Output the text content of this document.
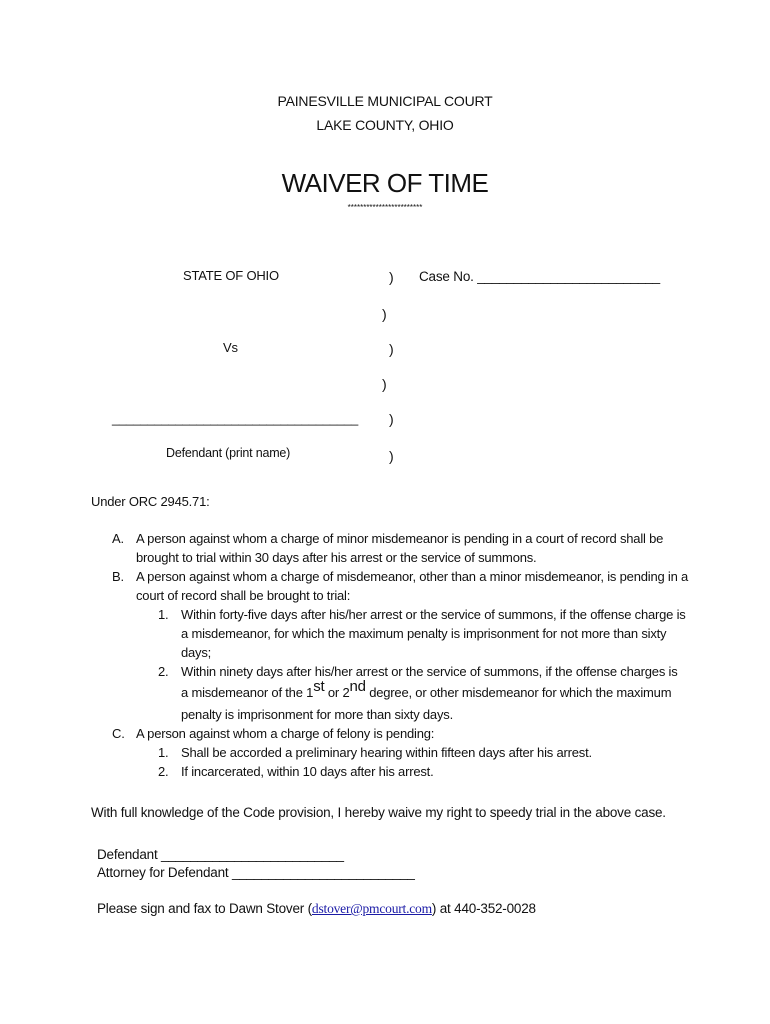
PAINESVILLE MUNICIPAL COURT
LAKE COUNTY, OHIO
WAIVER OF TIME
************************
STATE OF OHIO	) Case No. _________________________
)
Vs	)
)
___________________________________ )
Defendant (print name)	)
Under ORC 2945.71:
A. A person against whom a charge of minor misdemeanor is pending in a court of record shall be brought to trial within 30 days after his arrest or the service of summons.
B. A person against whom a charge of misdemeanor, other than a minor misdemeanor, is pending in a court of record shall be brought to trial:
1. Within forty-five days after his/her arrest or the service of summons, if the offense charge is a misdemeanor, for which the maximum penalty is imprisonment for not more than sixty days;
2. Within ninety days after his/her arrest or the service of summons, if the offense charges is
a misdemeanor of the 1st or 2nd degree, or other misdemeanor for which the maximum
penalty is imprisonment for more than sixty days.
C. A person against whom a charge of felony is pending:
1. Shall be accorded a preliminary hearing within fifteen days after his arrest.
2. If incarcerated, within 10 days after his arrest.
With full knowledge of the Code provision, I hereby waive my right to speedy trial in the above case.
Defendant _________________________
Attorney for Defendant _________________________
Please sign and fax to Dawn Stover (dstover@pmcourt.com) at 440-352-0028
